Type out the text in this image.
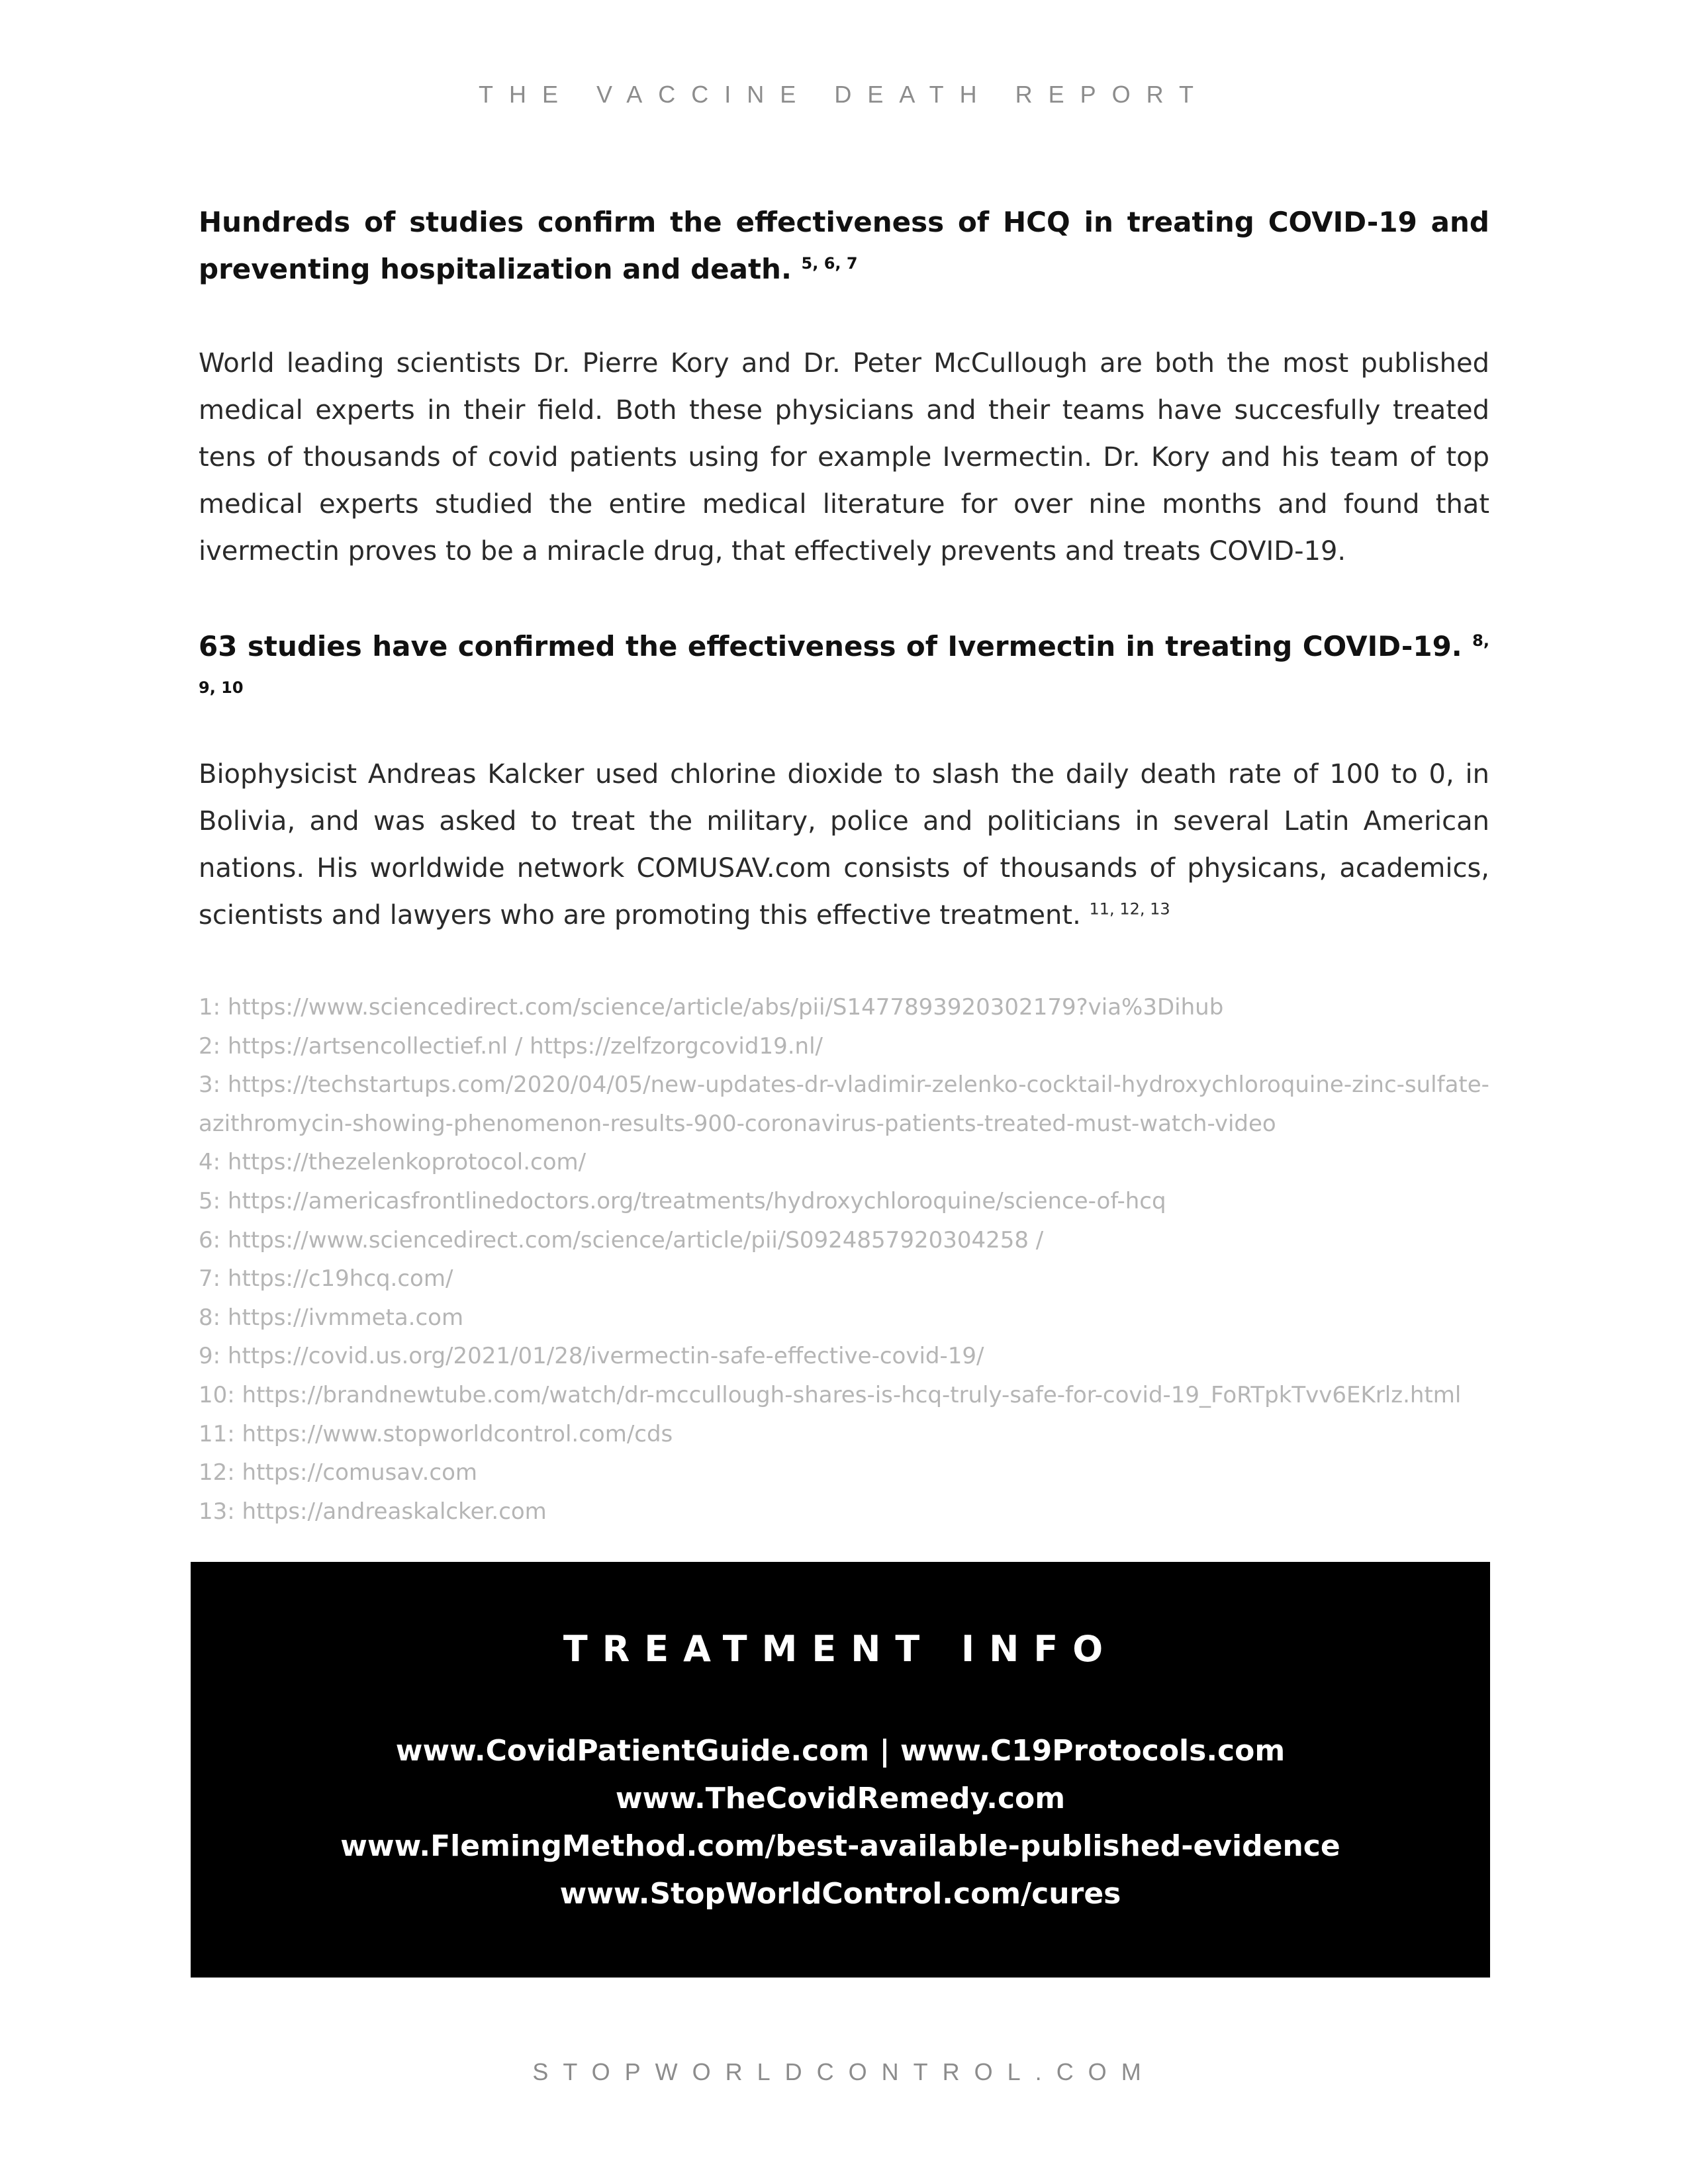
THE VACCINE DEATH REPORT

Hundreds of studies confirm the effectiveness of HCQ in treating COVID-19 and preventing hospitalization and death. $^{5, 6, 7}$

World leading scientists Dr. Pierre Kory and Dr. Peter McCullough are both the most published medical experts in their field. Both these physicians and their teams have succesfully treated tens of thousands of covid patients using for example Ivermectin. Dr. Kory and his team of top medical experts studied the entire medical literature for over nine months and found that ivermectin proves to be a miracle drug, that effectively prevents and treats COVID-19.

63 studies have confirmed the effectiveness of Ivermectin in treating COVID-19. $^{8, 9, 10}$

Biophysicist Andreas Kalcker used chlorine dioxide to slash the daily death rate of 100 to 0, in Bolivia, and was asked to treat the military, police and politicians in several Latin American nations. His worldwide network COMUSAV.com consists of thousands of physicans, academics, scientists and lawyers who are promoting this effective treatment. $^{11, 12, 13}$

1: https://www.sciencedirect.com/science/article/abs/pii/S1477893920302179?via%3Dihub
2: https://artsencollectief.nl / https://zelfzorgcovid19.nl/
3: https://techstartups.com/2020/04/05/new-updates-dr-vladimir-zelenko-cocktail-hydroxychloroquine-zinc-sulfate-azithromycin-showing-phenomenon-results-900-coronavirus-patients-treated-must-watch-video
4: https://thezelenkoprotocol.com/
5: https://americasfrontlinedoctors.org/treatments/hydroxychloroquine/science-of-hcq
6: https://www.sciencedirect.com/science/article/pii/S0924857920304258 /
7: https://c19hcq.com/
8: https://ivmmeta.com
9: https://covid.us.org/2021/01/28/ivermectin-safe-effective-covid-19/
10: https://brandnewtube.com/watch/dr-mccullough-shares-is-hcq-truly-safe-for-covid-19_FoRTpkTvv6EKrlz.html
11: https://www.stopworldcontrol.com/cds
12: https://comusav.com
13: https://andreaskalcker.com
TREATMENT INFO
www.CovidPatientGuide.com | www.C19Protocols.com
www.TheCovidRemedy.com
www.FlemingMethod.com/best-available-published-evidence
www.StopWorldControl.com/cures
STOPWORLDCONTROL.COM
